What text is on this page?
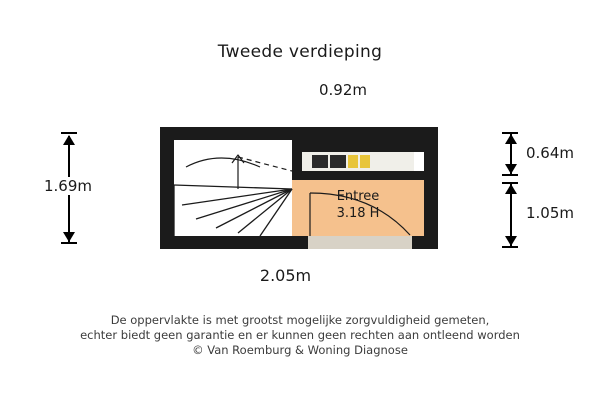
Tweede verdieping
0.92m
1.69m
Entree
3.18 H
0.64m
1.05m
2.05m
De oppervlakte is met grootst mogelijke zorgvuldigheid gemeten,
echter biedt geen garantie en er kunnen geen rechten aan ontleend worden
© Van Roemburg & Woning Diagnose
